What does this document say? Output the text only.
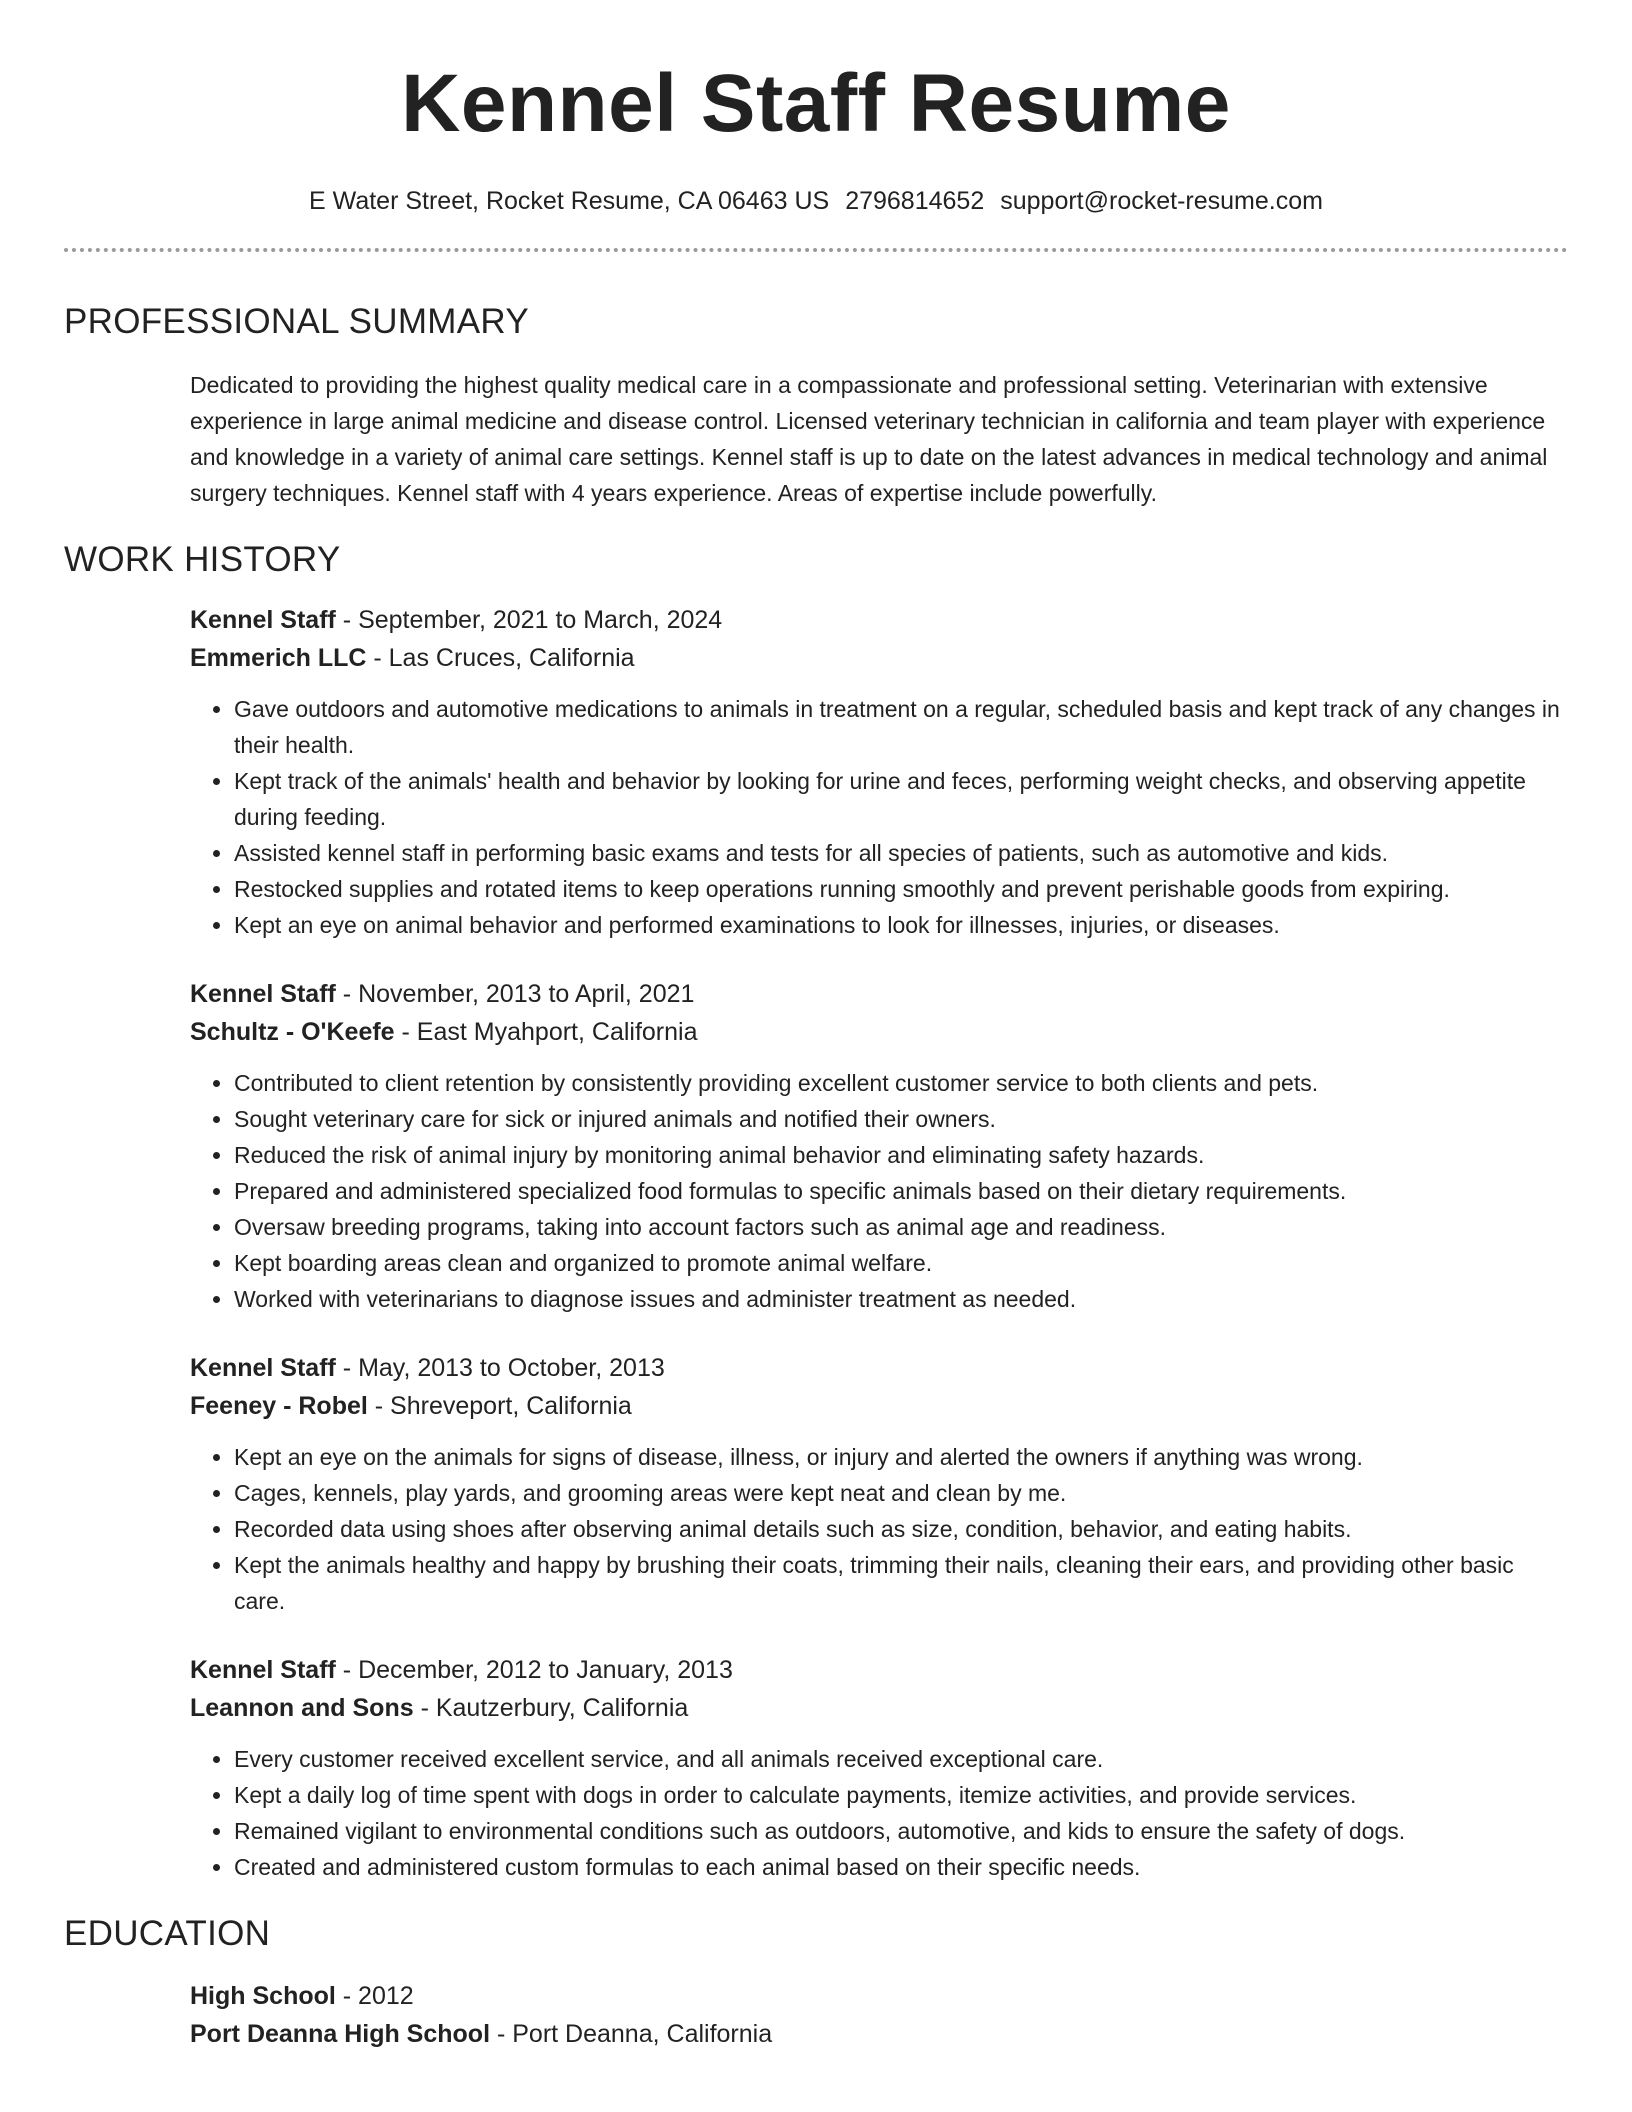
Kennel Staff Resume
E Water Street, Rocket Resume, CA 06463 US 2796814652 support@rocket-resume.com
PROFESSIONAL SUMMARY
Dedicated to providing the highest quality medical care in a compassionate and professional setting. Veterinarian with extensive experience in large animal medicine and disease control. Licensed veterinary technician in california and team player with experience and knowledge in a variety of animal care settings. Kennel staff is up to date on the latest advances in medical technology and animal surgery techniques. Kennel staff with 4 years experience. Areas of expertise include powerfully.
WORK HISTORY
Kennel Staff - September, 2021 to March, 2024
Emmerich LLC - Las Cruces, California
• Gave outdoors and automotive medications to animals in treatment on a regular, scheduled basis and kept track of any changes in their health.
• Kept track of the animals' health and behavior by looking for urine and feces, performing weight checks, and observing appetite during feeding.
• Assisted kennel staff in performing basic exams and tests for all species of patients, such as automotive and kids.
• Restocked supplies and rotated items to keep operations running smoothly and prevent perishable goods from expiring.
• Kept an eye on animal behavior and performed examinations to look for illnesses, injuries, or diseases.
Kennel Staff - November, 2013 to April, 2021
Schultz - O'Keefe - East Myahport, California
• Contributed to client retention by consistently providing excellent customer service to both clients and pets.
• Sought veterinary care for sick or injured animals and notified their owners.
• Reduced the risk of animal injury by monitoring animal behavior and eliminating safety hazards.
• Prepared and administered specialized food formulas to specific animals based on their dietary requirements.
• Oversaw breeding programs, taking into account factors such as animal age and readiness.
• Kept boarding areas clean and organized to promote animal welfare.
• Worked with veterinarians to diagnose issues and administer treatment as needed.
Kennel Staff - May, 2013 to October, 2013
Feeney - Robel - Shreveport, California
• Kept an eye on the animals for signs of disease, illness, or injury and alerted the owners if anything was wrong.
• Cages, kennels, play yards, and grooming areas were kept neat and clean by me.
• Recorded data using shoes after observing animal details such as size, condition, behavior, and eating habits.
• Kept the animals healthy and happy by brushing their coats, trimming their nails, cleaning their ears, and providing other basic care.
Kennel Staff - December, 2012 to January, 2013
Leannon and Sons - Kautzerbury, California
• Every customer received excellent service, and all animals received exceptional care.
• Kept a daily log of time spent with dogs in order to calculate payments, itemize activities, and provide services.
• Remained vigilant to environmental conditions such as outdoors, automotive, and kids to ensure the safety of dogs.
• Created and administered custom formulas to each animal based on their specific needs.
EDUCATION
High School - 2012
Port Deanna High School - Port Deanna, California
